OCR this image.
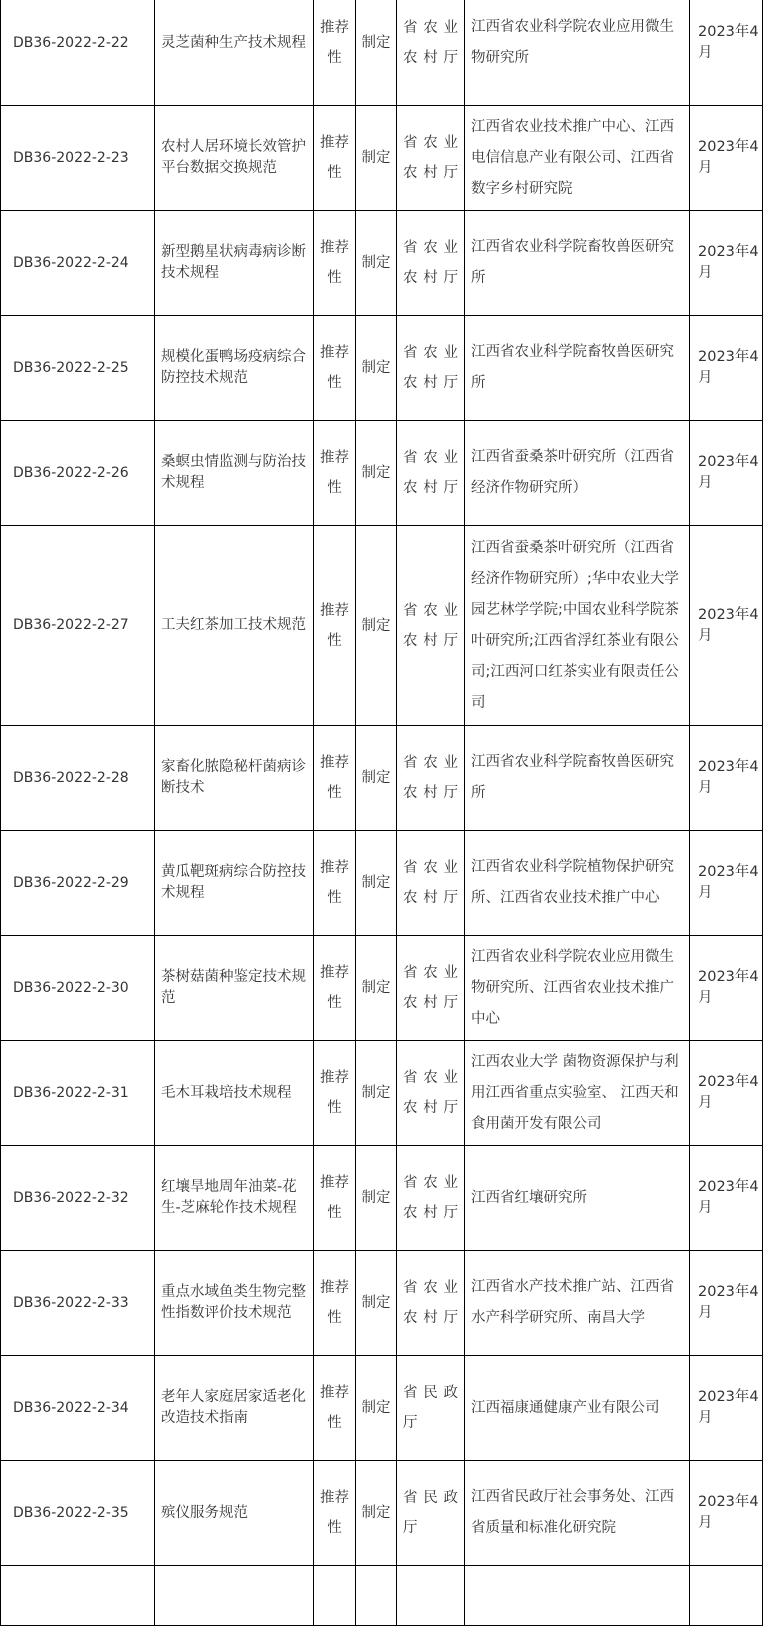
DB36-2022-2-22	灵芝菌种生产技术规程	推荐性	制定	省农业农村厅	江西省农业科学院农业应用微生物研究所	2023年4月

DB36-2022-2-23	农村人居环境长效管护平台数据交换规范	推荐性	制定	省农业农村厅	江西省农业技术推广中心、江西电信信息产业有限公司、江西省数字乡村研究院	2023年4月

DB36-2022-2-24	新型鹅星状病毒病诊断技术规程	推荐性	制定	省农业农村厅	江西省农业科学院畜牧兽医研究所	2023年4月

DB36-2022-2-25	规模化蛋鸭场疫病综合防控技术规范	推荐性	制定	省农业农村厅	江西省农业科学院畜牧兽医研究所	2023年4月

DB36-2022-2-26	桑螟虫情监测与防治技术规程	推荐性	制定	省农业农村厅	江西省蚕桑茶叶研究所（江西省经济作物研究所）	2023年4月

DB36-2022-2-27	工夫红茶加工技术规范	推荐性	制定	省农业农村厅	江西省蚕桑茶叶研究所（江西省经济作物研究所）;华中农业大学园艺林学学院;中国农业科学院茶叶研究所;江西省浮红茶业有限公司;江西河口红茶实业有限责任公司	2023年4月

DB36-2022-2-28	家畜化脓隐秘杆菌病诊断技术	推荐性	制定	省农业农村厅	江西省农业科学院畜牧兽医研究所	2023年4月

DB36-2022-2-29	黄瓜靶斑病综合防控技术规程	推荐性	制定	省农业农村厅	江西省农业科学院植物保护研究所、江西省农业技术推广中心	2023年4月

DB36-2022-2-30	茶树菇菌种鉴定技术规范	推荐性	制定	省农业农村厅	江西省农业科学院农业应用微生物研究所、江西省农业技术推广中心	2023年4月

DB36-2022-2-31	毛木耳栽培技术规程	推荐性	制定	省农业农村厅	江西农业大学 菌物资源保护与利用江西省重点实验室、 江西天和食用菌开发有限公司	2023年4月

DB36-2022-2-32	红壤旱地周年油菜-花生-芝麻轮作技术规程	推荐性	制定	省农业农村厅	江西省红壤研究所	2023年4月

DB36-2022-2-33	重点水域鱼类生物完整性指数评价技术规范	推荐性	制定	省农业农村厅	江西省水产技术推广站、江西省水产科学研究所、南昌大学	2023年4月

DB36-2022-2-34	老年人家庭居家适老化改造技术指南	推荐性	制定	省民政厅	江西福康通健康产业有限公司	2023年4月

DB36-2022-2-35	殡仪服务规范	推荐性	制定	省民政厅	江西省民政厅社会事务处、江西省质量和标准化研究院	2023年4月
